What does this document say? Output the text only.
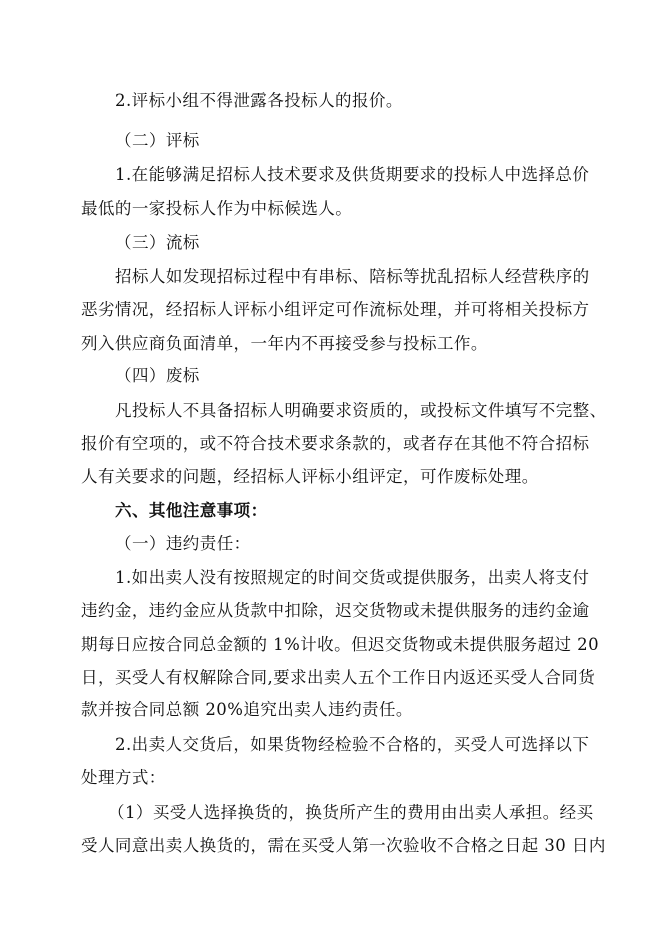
2.评标小组不得泄露各投标人的报价。
（二）评标
1.在能够满足招标人技术要求及供货期要求的投标人中选择总价
最低的一家投标人作为中标候选人。
（三）流标
招标人如发现招标过程中有串标、陪标等扰乱招标人经营秩序的
恶劣情况，经招标人评标小组评定可作流标处理，并可将相关投标方
列入供应商负面清单，一年内不再接受参与投标工作。
（四）废标
凡投标人不具备招标人明确要求资质的，或投标文件填写不完整、
报价有空项的，或不符合技术要求条款的，或者存在其他不符合招标
人有关要求的问题，经招标人评标小组评定，可作废标处理。
六、其他注意事项：
（一）违约责任：
1.如出卖人没有按照规定的时间交货或提供服务，出卖人将支付
违约金，违约金应从货款中扣除，迟交货物或未提供服务的违约金逾
期每日应按合同总金额的 1%计收。但迟交货物或未提供服务超过 20
日，买受人有权解除合同,要求出卖人五个工作日内返还买受人合同货
款并按合同总额 20%追究出卖人违约责任。
2.出卖人交货后，如果货物经检验不合格的，买受人可选择以下
处理方式：
（1）买受人选择换货的，换货所产生的费用由出卖人承担。经买
受人同意出卖人换货的，需在买受人第一次验收不合格之日起 30 日内
